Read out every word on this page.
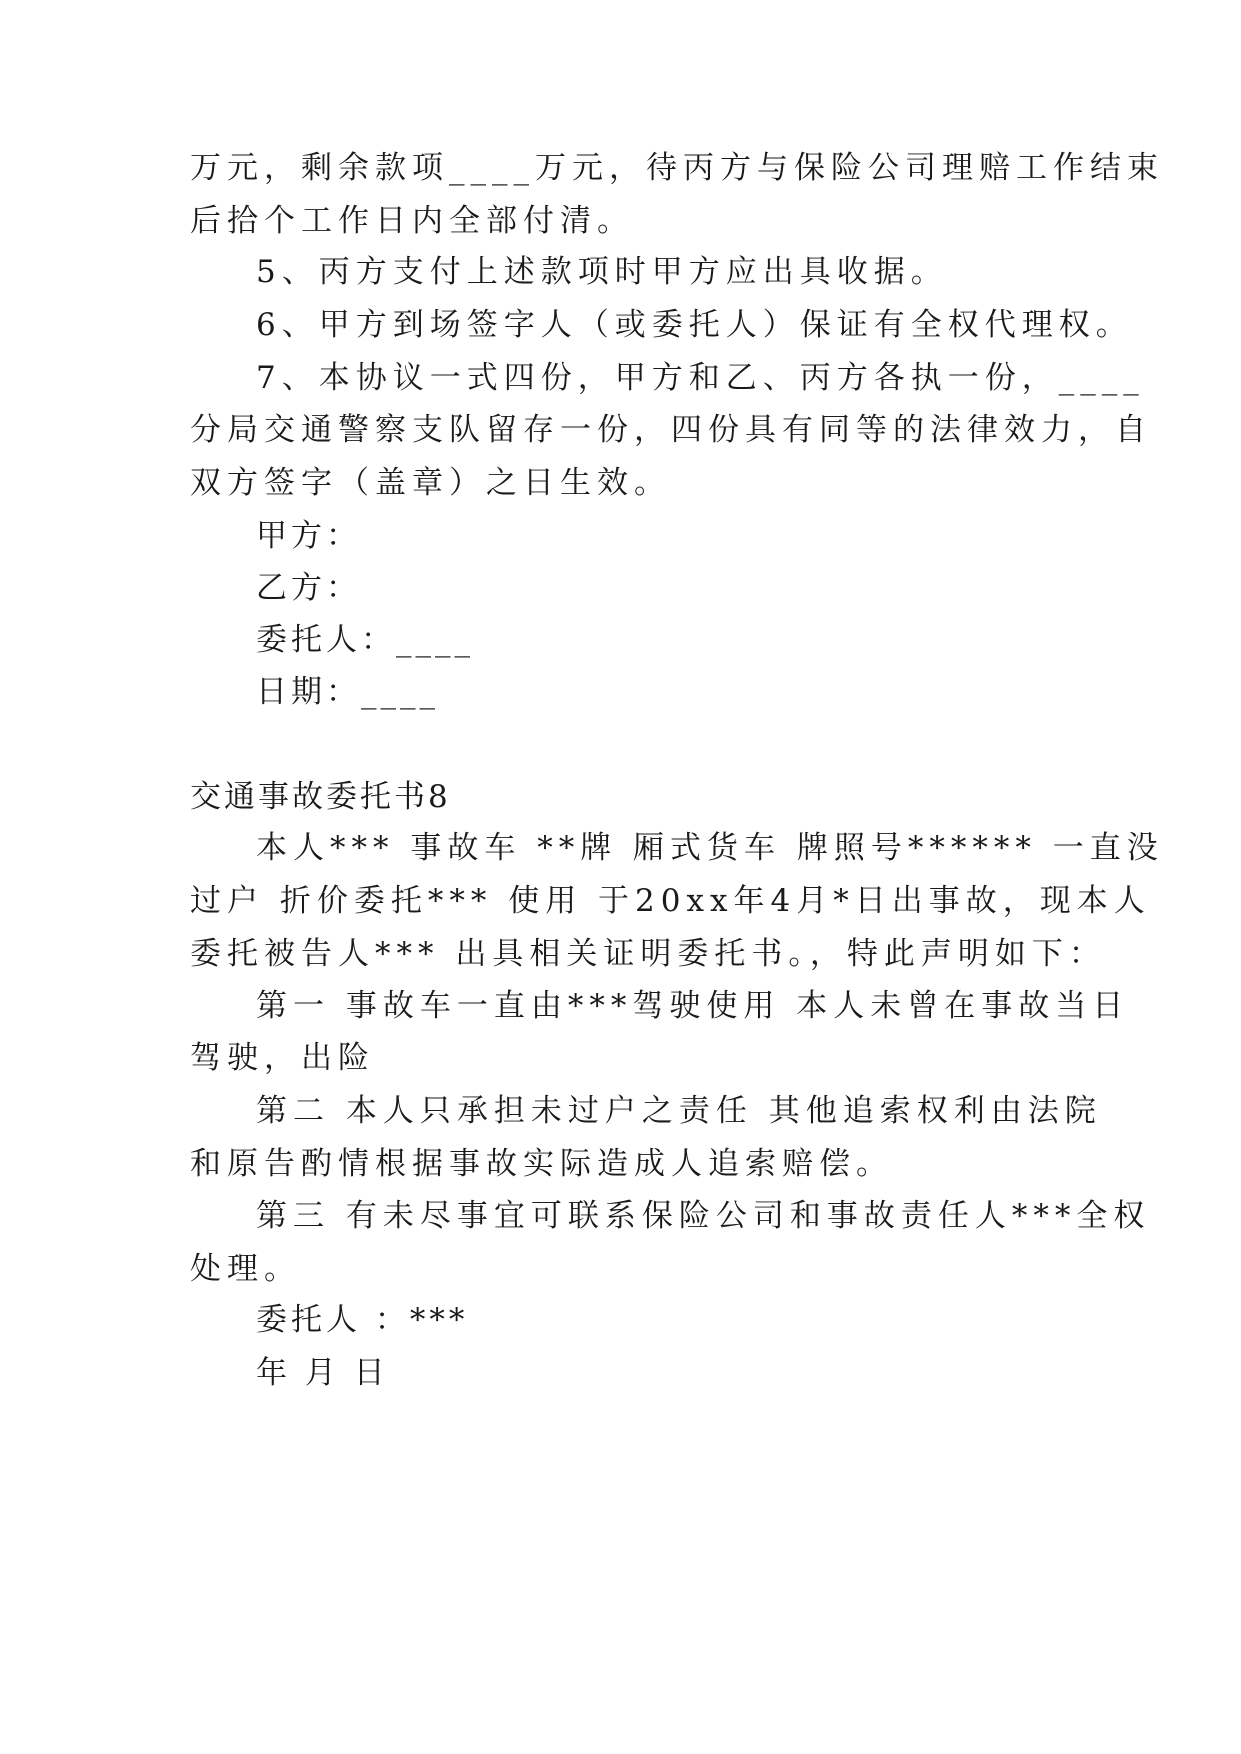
万元，剩余款项____万元，待丙方与保险公司理赔工作结束
后拾个工作日内全部付清。
5、丙方支付上述款项时甲方应出具收据。
6、甲方到场签字人（或委托人）保证有全权代理权。
7、本协议一式四份，甲方和乙、丙方各执一份，____
分局交通警察支队留存一份，四份具有同等的法律效力，自
双方签字（盖章）之日生效。
甲方：
乙方：
委托人：____
日期：____
交通事故委托书8
本人*** 事故车 **牌 厢式货车 牌照号****** 一直没
过户 折价委托*** 使用 于20xx年4月*日出事故，现本人
委托被告人*** 出具相关证明委托书。，特此声明如下：
第一 事故车一直由***驾驶使用 本人未曾在事故当日
驾驶，出险
第二 本人只承担未过户之责任 其他追索权利由法院
和原告酌情根据事故实际造成人追索赔偿。
第三 有未尽事宜可联系保险公司和事故责任人***全权
处理。
委托人 ：***
年 月 日
